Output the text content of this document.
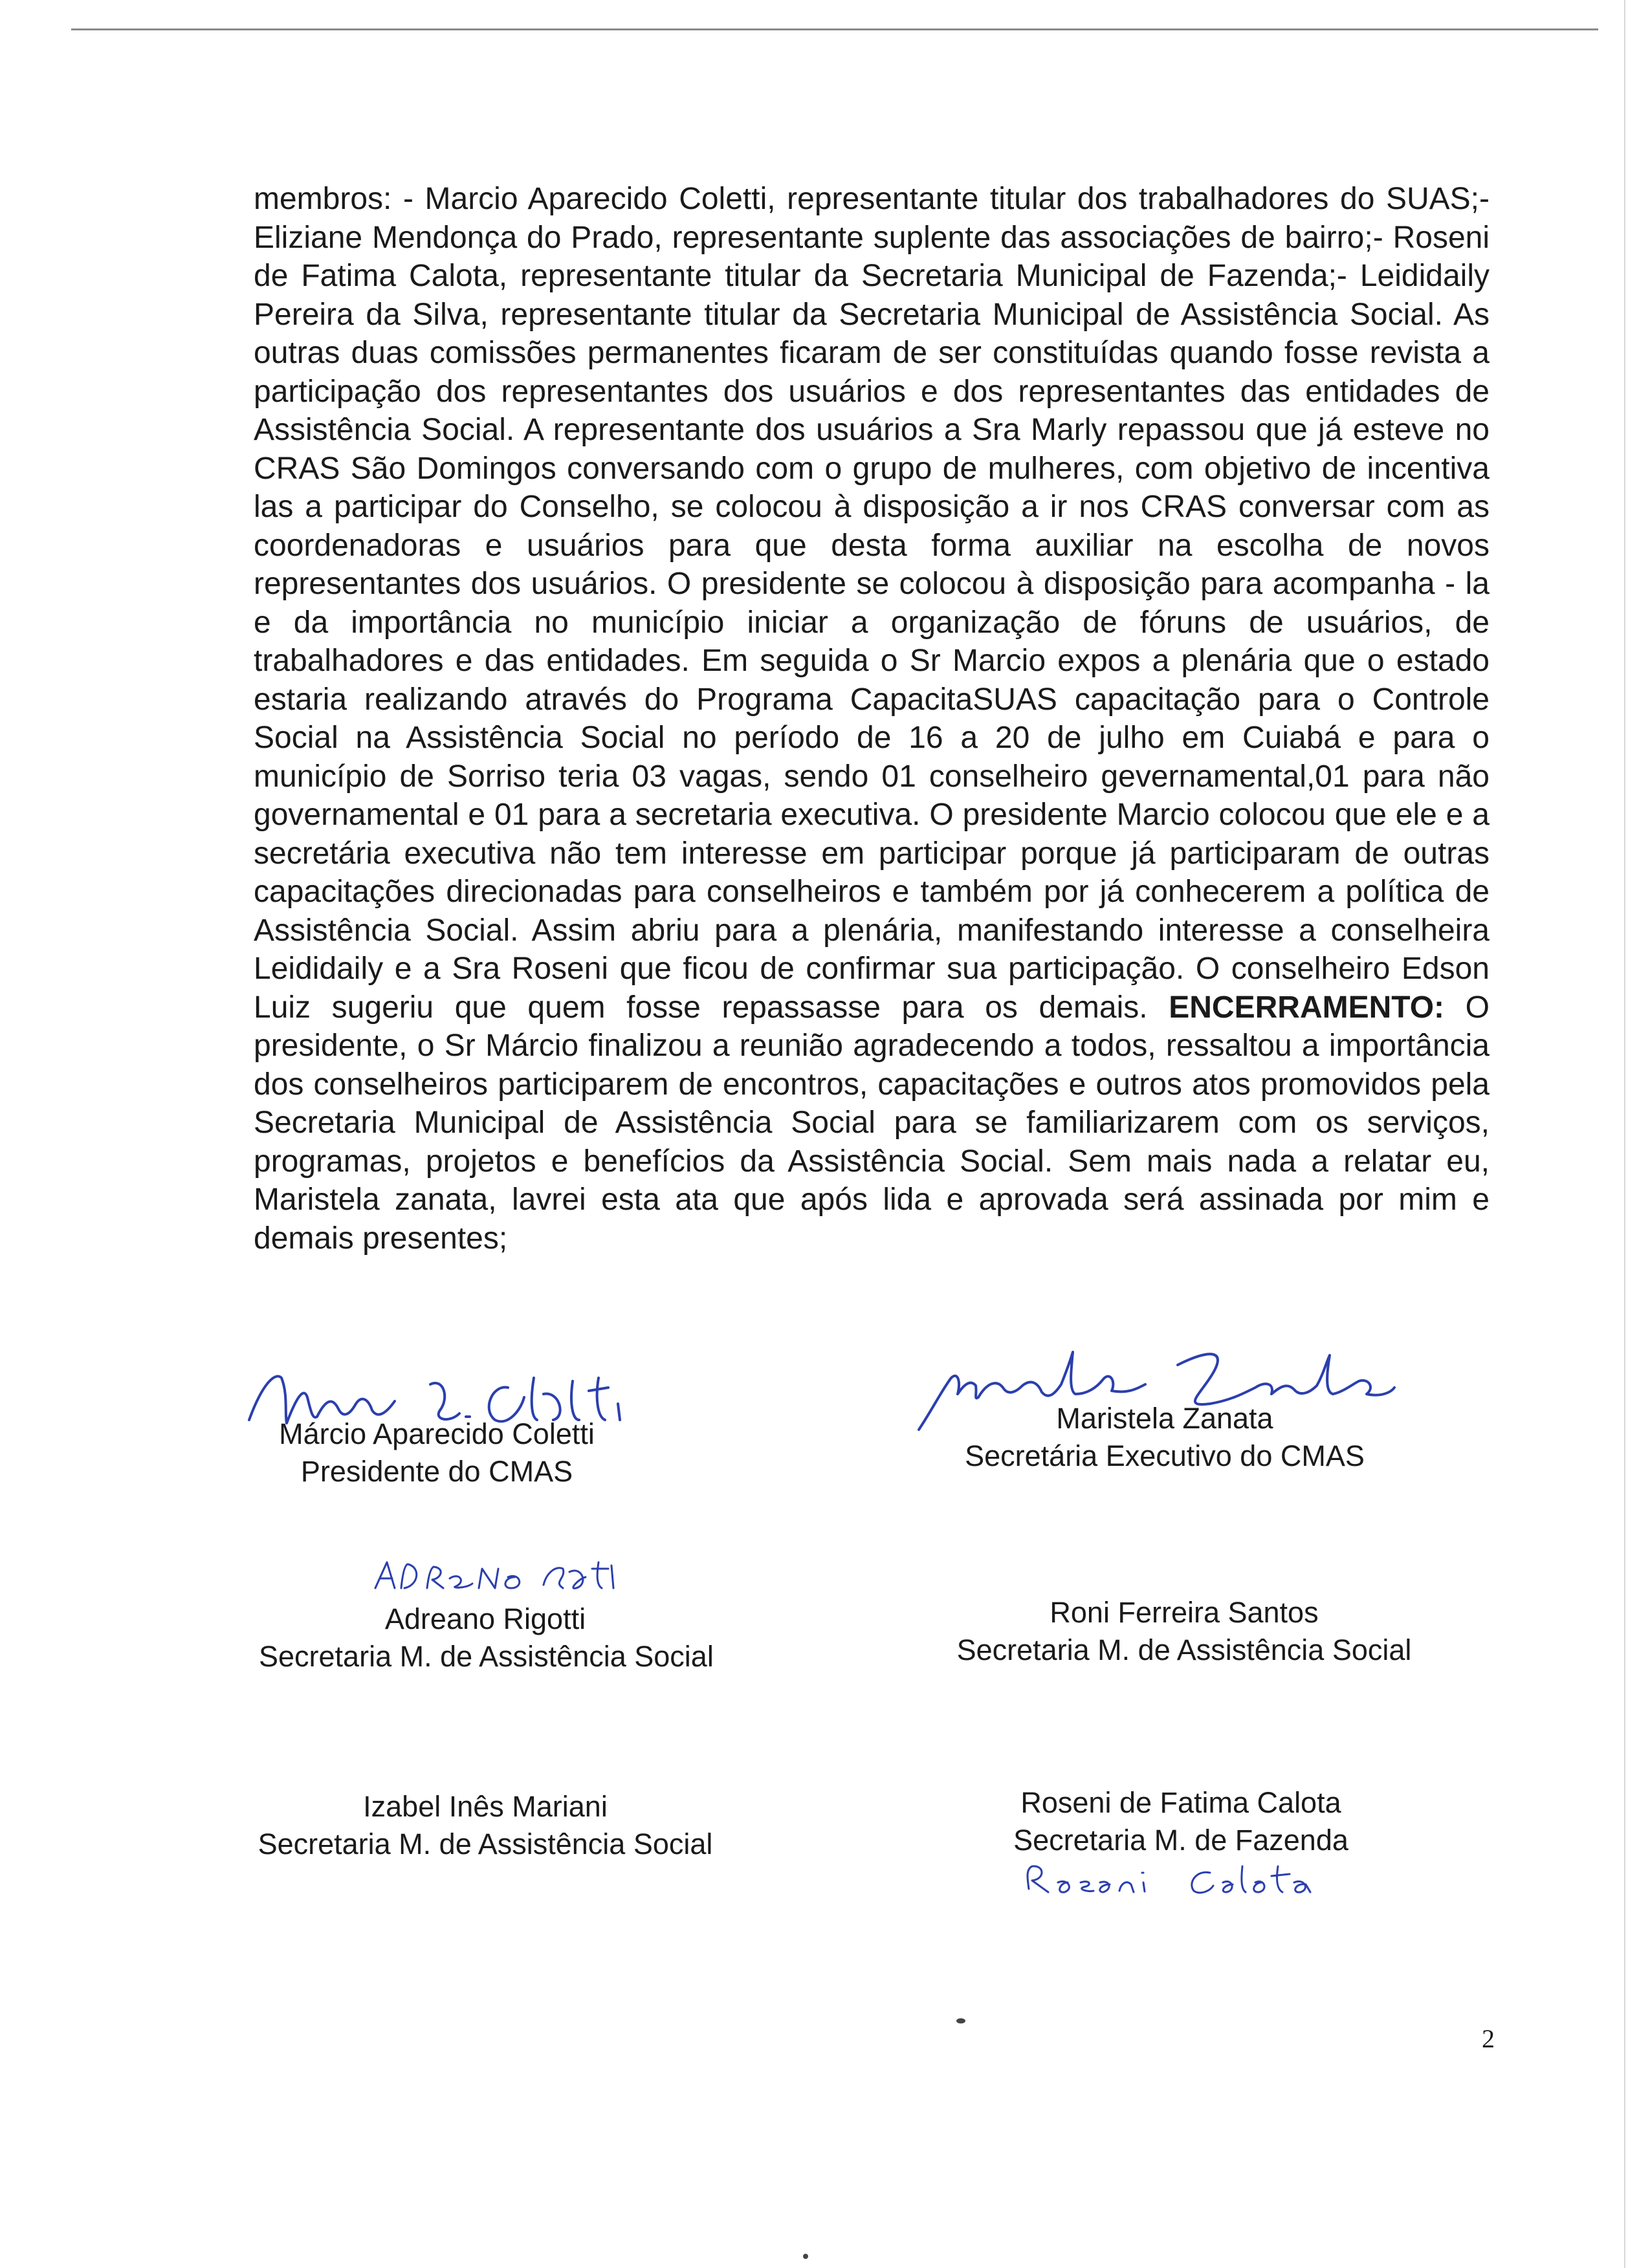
membros: - Marcio Aparecido Coletti, representante titular dos trabalhadores do SUAS;- Eliziane Mendonça do Prado, representante suplente das associações de bairro;- Roseni de Fatima Calota, representante titular da Secretaria Municipal de Fazenda;- Leididaily Pereira da Silva, representante titular da Secretaria Municipal de Assistência Social. As outras duas comissões permanentes ficaram de ser constituídas quando fosse revista a participação dos representantes dos usuários e dos representantes das entidades de Assistência Social. A representante dos usuários a Sra Marly repassou que já esteve no CRAS São Domingos conversando com o grupo de mulheres, com objetivo de incentiva las a participar do Conselho, se colocou à disposição a ir nos CRAS conversar com as coordenadoras e usuários para que desta forma auxiliar na escolha de novos representantes dos usuários. O presidente se colocou à disposição para acompanha - la e da importância no município iniciar a organização de fóruns de usuários, de trabalhadores e das entidades. Em seguida o Sr Marcio expos a plenária que o estado estaria realizando através do Programa CapacitaSUAS capacitação para o Controle Social na Assistência Social no período de 16 a 20 de julho em Cuiabá e para o município de Sorriso teria 03 vagas, sendo 01 conselheiro gevernamental,01 para não governamental e 01 para a secretaria executiva. O presidente Marcio colocou que ele e a secretária executiva não tem interesse em participar porque já participaram de outras capacitações direcionadas para conselheiros e também por já conhecerem a política de Assistência Social. Assim abriu para a plenária, manifestando interesse a conselheira Leididaily e a Sra Roseni que ficou de confirmar sua participação. O conselheiro Edson Luiz sugeriu que quem fosse repassasse para os demais. ENCERRAMENTO: O presidente, o Sr Márcio finalizou a reunião agradecendo a todos, ressaltou a importância dos conselheiros participarem de encontros, capacitações e outros atos promovidos pela Secretaria Municipal de Assistência Social para se familiarizarem com os serviços, programas, projetos e benefícios da Assistência Social. Sem mais nada a relatar eu, Maristela zanata, lavrei esta ata que após lida e aprovada será assinada por mim e demais presentes;

Márcio Aparecido Coletti
Presidente do CMAS
Maristela Zanata
Secretária Executivo do CMAS
Adreano Rigotti
Secretaria M. de Assistência Social
Roni Ferreira Santos
Secretaria M. de Assistência Social
Izabel Inês Mariani
Secretaria M. de Assistência Social
Roseni de Fatima Calota
Secretaria M. de Fazenda
2
